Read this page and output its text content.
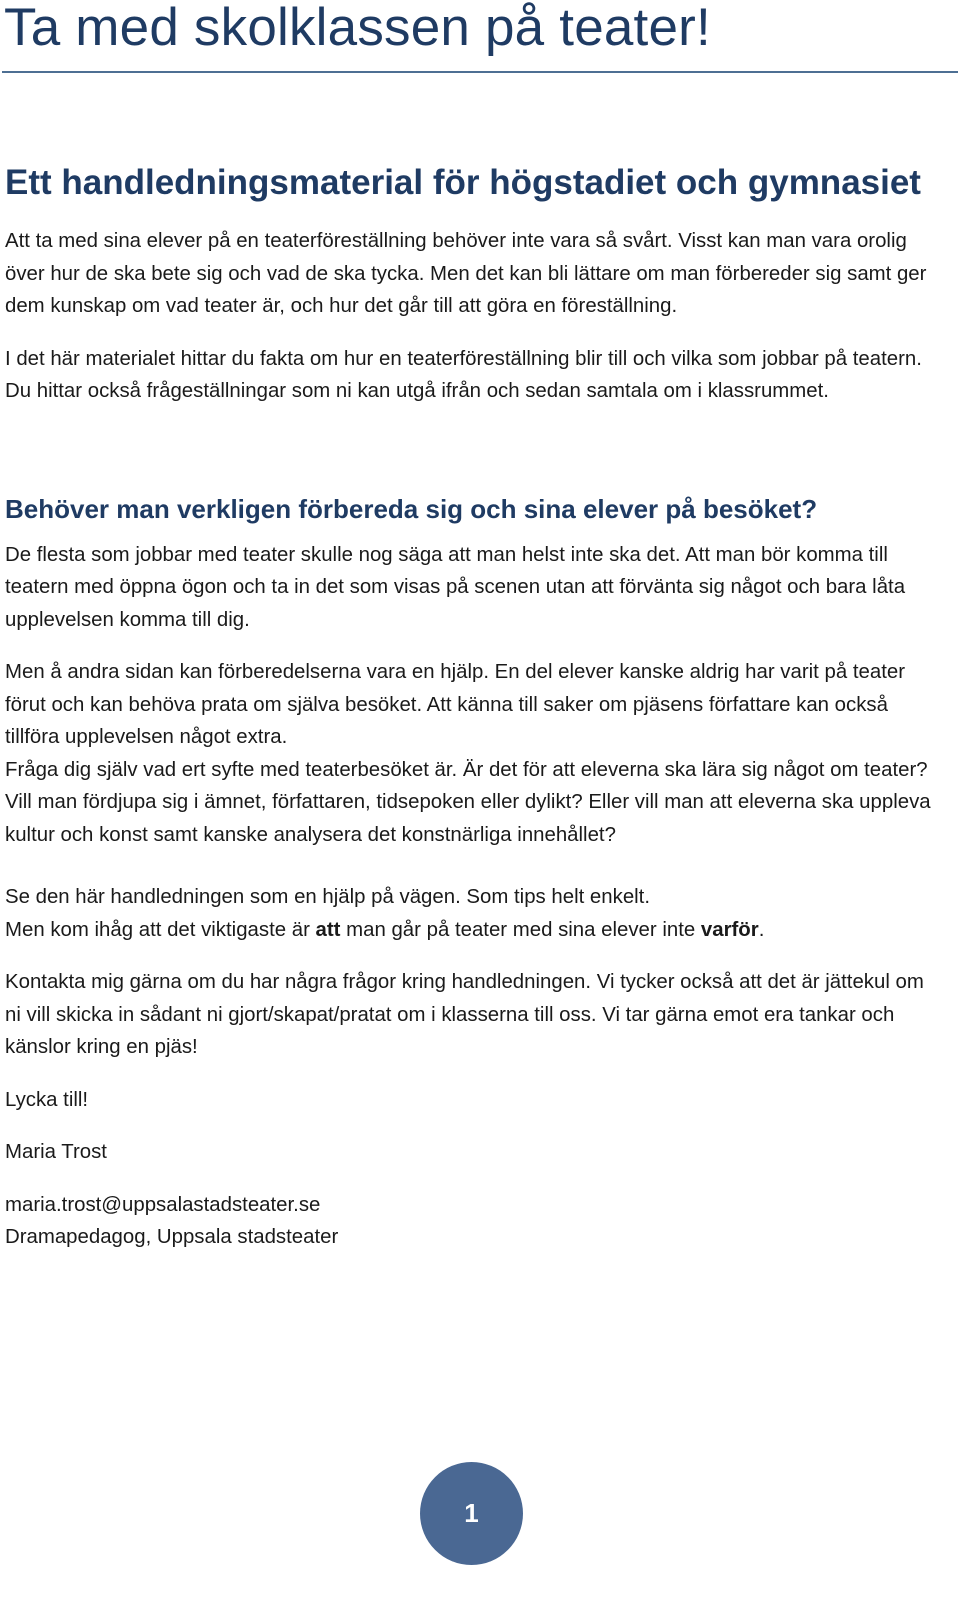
Ta med skolklassen på teater!
Ett handledningsmaterial för högstadiet och gymnasiet

Att ta med sina elever på en teaterföreställning behöver inte vara så svårt. Visst kan man vara orolig över hur de ska bete sig och vad de ska tycka. Men det kan bli lättare om man förbereder sig samt ger dem kunskap om vad teater är, och hur det går till att göra en föreställning.

I det här materialet hittar du fakta om hur en teaterföreställning blir till och vilka som jobbar på teatern. Du hittar också frågeställningar som ni kan utgå ifrån och sedan samtala om i klassrummet.

Behöver man verkligen förbereda sig och sina elever på besöket?

De flesta som jobbar med teater skulle nog säga att man helst inte ska det. Att man bör komma till teatern med öppna ögon och ta in det som visas på scenen utan att förvänta sig något och bara låta upplevelsen komma till dig.

Men å andra sidan kan förberedelserna vara en hjälp. En del elever kanske aldrig har varit på teater förut och kan behöva prata om själva besöket. Att känna till saker om pjäsens författare kan också tillföra upplevelsen något extra.

Fråga dig själv vad ert syfte med teaterbesöket är. Är det för att eleverna ska lära sig något om teater? Vill man fördjupa sig i ämnet, författaren, tidsepoken eller dylikt? Eller vill man att eleverna ska uppleva kultur och konst samt kanske analysera det konstnärliga innehållet?

Se den här handledningen som en hjälp på vägen. Som tips helt enkelt.

Men kom ihåg att det viktigaste är att man går på teater med sina elever inte varför.

Kontakta mig gärna om du har några frågor kring handledningen. Vi tycker också att det är jättekul om ni vill skicka in sådant ni gjort/skapat/pratat om i klasserna till oss. Vi tar gärna emot era tankar och känslor kring en pjäs!

Lycka till!

Maria Trost

maria.trost@uppsalastadsteater.se

Dramapedagog, Uppsala stadsteater

1
